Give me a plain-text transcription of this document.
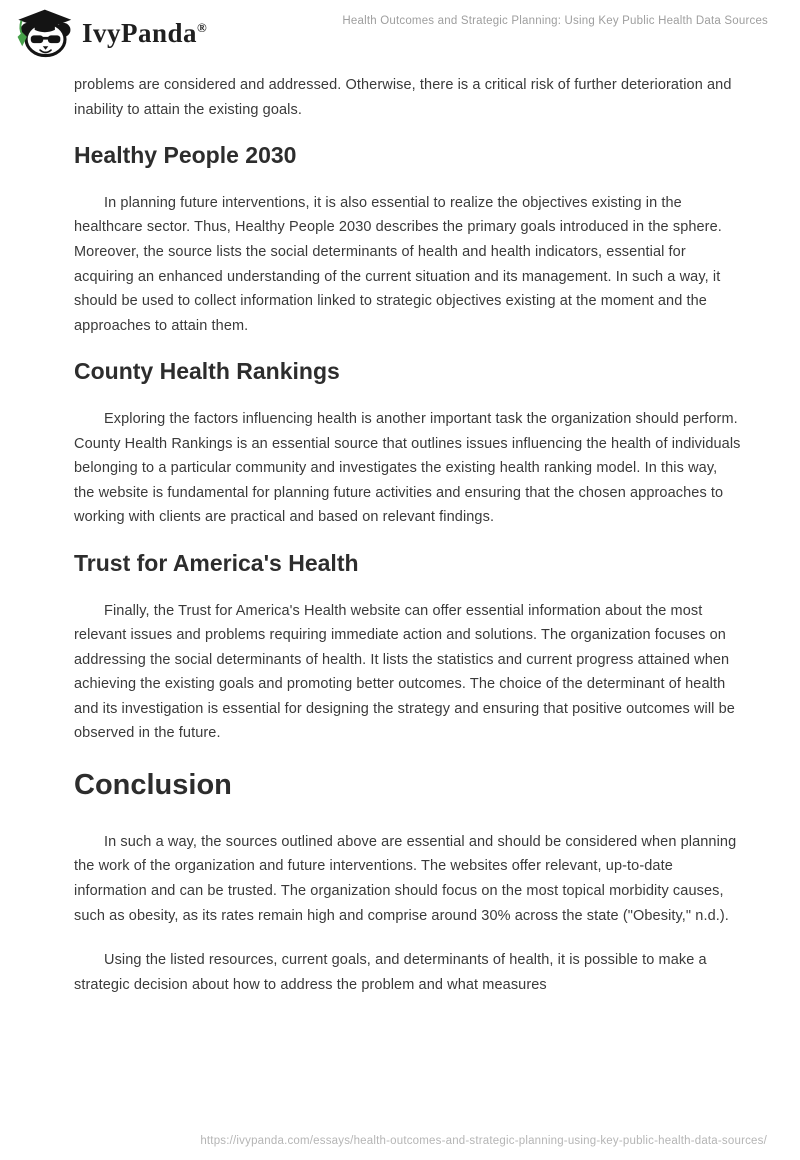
IvyPanda®	Health Outcomes and Strategic Planning: Using Key Public Health Data Sources

problems are considered and addressed. Otherwise, there is a critical risk of further deterioration and inability to attain the existing goals.

Healthy People 2030

In planning future interventions, it is also essential to realize the objectives existing in the healthcare sector. Thus, Healthy People 2030 describes the primary goals introduced in the sphere. Moreover, the source lists the social determinants of health and health indicators, essential for acquiring an enhanced understanding of the current situation and its management. In such a way, it should be used to collect information linked to strategic objectives existing at the moment and the approaches to attain them.

County Health Rankings

Exploring the factors influencing health is another important task the organization should perform. County Health Rankings is an essential source that outlines issues influencing the health of individuals belonging to a particular community and investigates the existing health ranking model. In this way, the website is fundamental for planning future activities and ensuring that the chosen approaches to working with clients are practical and based on relevant findings.

Trust for America's Health

Finally, the Trust for America's Health website can offer essential information about the most relevant issues and problems requiring immediate action and solutions. The organization focuses on addressing the social determinants of health. It lists the statistics and current progress attained when achieving the existing goals and promoting better outcomes. The choice of the determinant of health and its investigation is essential for designing the strategy and ensuring that positive outcomes will be observed in the future.

Conclusion

In such a way, the sources outlined above are essential and should be considered when planning the work of the organization and future interventions. The websites offer relevant, up-to-date information and can be trusted. The organization should focus on the most topical morbidity causes, such as obesity, as its rates remain high and comprise around 30% across the state ("Obesity," n.d.).

Using the listed resources, current goals, and determinants of health, it is possible to make a strategic decision about how to address the problem and what measures

https://ivypanda.com/essays/health-outcomes-and-strategic-planning-using-key-public-health-data-sources/
